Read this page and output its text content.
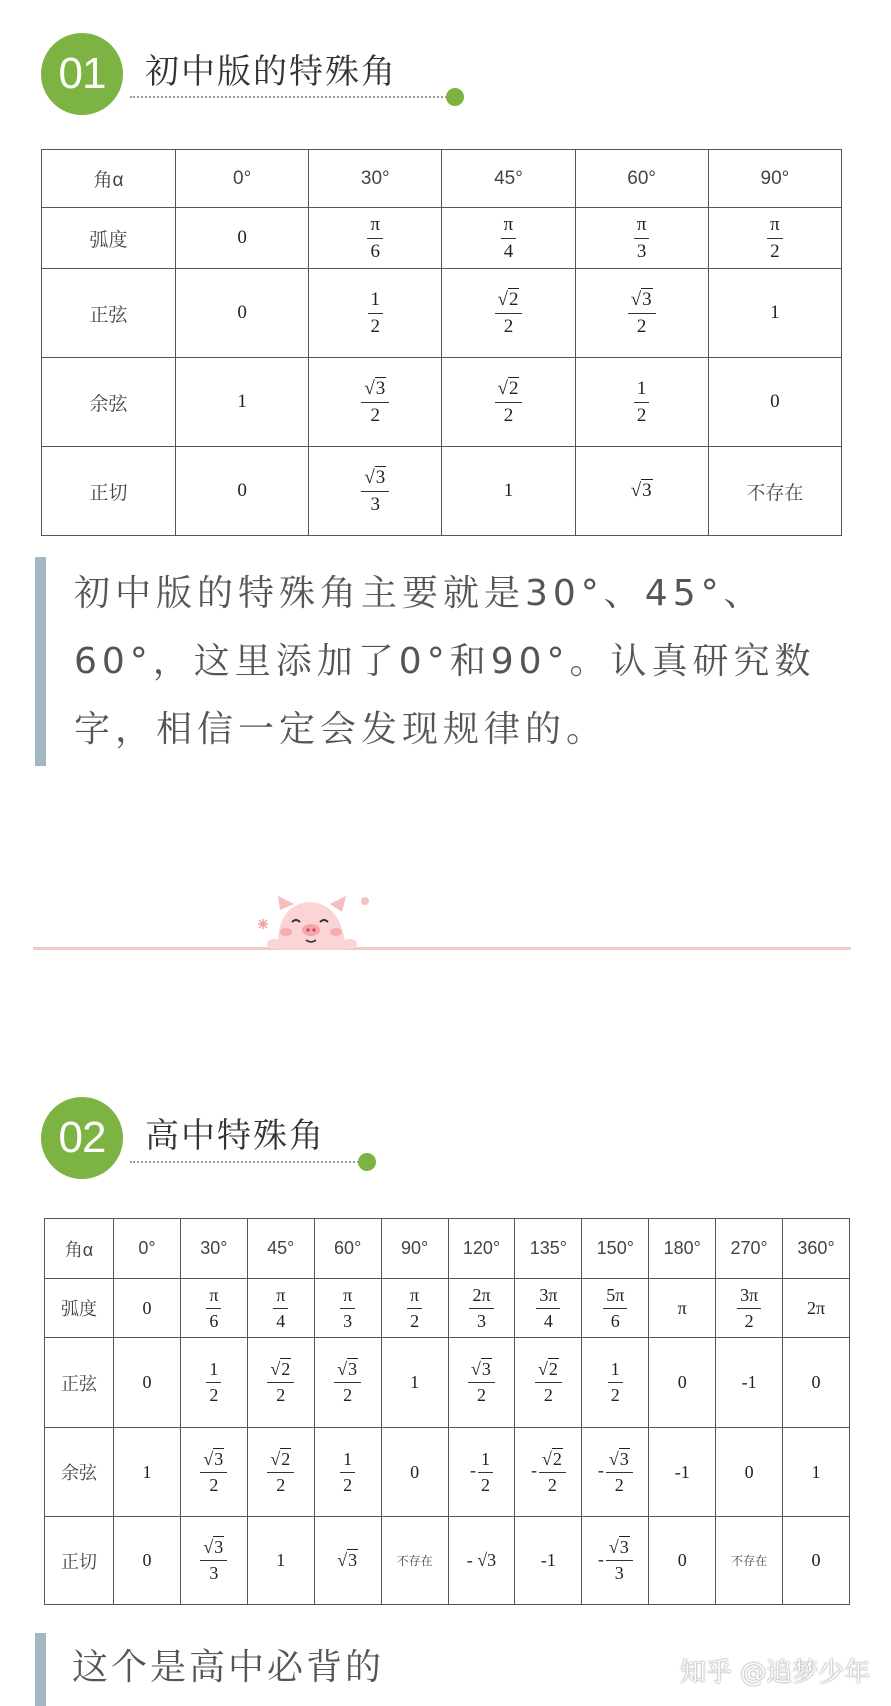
01	初中版的特殊角
角α	0°	30°	45°	60°	90°
弧度	0	$\frac{\pi}{6}$	$\frac{\pi}{4}$	$\frac{\pi}{3}$	$\frac{\pi}{2}$

正弦	0	$\frac{1}{2}$	$\frac{√2}{2}$	$\frac{√3}{2}$	1
余弦	1	$\frac{√3}{2}$	$\frac{√2}{2}$	$\frac{1}{2}$	0
正切	0	$\frac{√3}{3}$	1	√3	不存在
初中版的特殊角主要就是30°、45°、60°，这里添加了0°和90°。认真研究数字，相信一定会发现规律的。
02	高中特殊角
角α	0°	30°	45°	60°	90°	120°	135°	150°	180°	270°	360°
弧度	0	$\frac{\pi}{6}$	$\frac{\pi}{4}$	$\frac{\pi}{3}$	$\frac{\pi}{2}$	$\frac{2\pi}{3}$	$\frac{3\pi}{4}$	$\frac{5\pi}{6}$	π	$\frac{3\pi}{2}$	2π
正弦	0	$\frac{1}{2}$	$\frac{√2}{2}$	$\frac{√3}{2}$	1	$\frac{√3}{2}$	$\frac{√2}{2}$	$\frac{1}{2}$	0	-1	0
余弦	1	$\frac{√3}{2}$	$\frac{√2}{2}$	$\frac{1}{2}$	0	- $\frac{1}{2}$	- $\frac{√2}{2}$	- $\frac{√3}{2}$	-1	0	1
正切	0	$\frac{√3}{3}$	1	√3	不存在	- √3	-1	- $\frac{√3}{3}$	0	不存在	0
这个是高中必背的	知乎 @追梦少年
